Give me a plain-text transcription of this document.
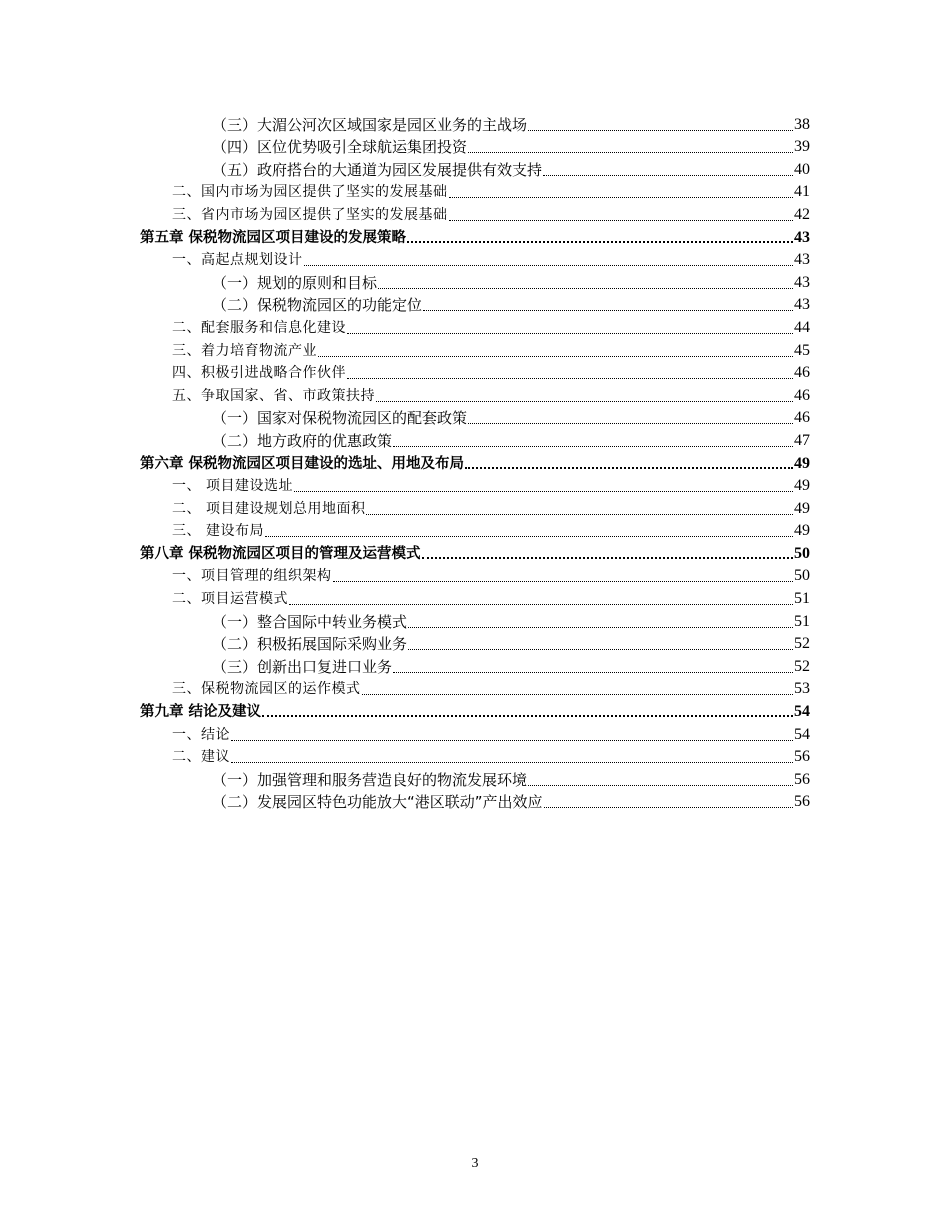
（三）大湄公河次区域国家是园区业务的主战场	38
（四）区位优势吸引全球航运集团投资	39
（五）政府搭台的大通道为园区发展提供有效支持	40
二、国内市场为园区提供了坚实的发展基础	41
三、省内市场为园区提供了坚实的发展基础	42
第五章 保税物流园区项目建设的发展策略	43
一、高起点规划设计	43
（一）规划的原则和目标	43
（二）保税物流园区的功能定位	43
二、配套服务和信息化建设	44
三、着力培育物流产业	45
四、积极引进战略合作伙伴	46
五、争取国家、省、市政策扶持	46
（一）国家对保税物流园区的配套政策	46
（二）地方政府的优惠政策	47
第六章 保税物流园区项目建设的选址、用地及布局	49
一、 项目建设选址	49
二、 项目建设规划总用地面积	49
三、 建设布局	49
第八章 保税物流园区项目的管理及运营模式	50
一、项目管理的组织架构	50
二、项目运营模式	51
（一）整合国际中转业务模式	51
（二）积极拓展国际采购业务	52
（三）创新出口复进口业务	52
三、保税物流园区的运作模式	53
第九章 结论及建议	54
一、结论	54
二、建议	56
（一）加强管理和服务营造良好的物流发展环境	56
（二）发展园区特色功能放大“港区联动”产出效应	56
3
